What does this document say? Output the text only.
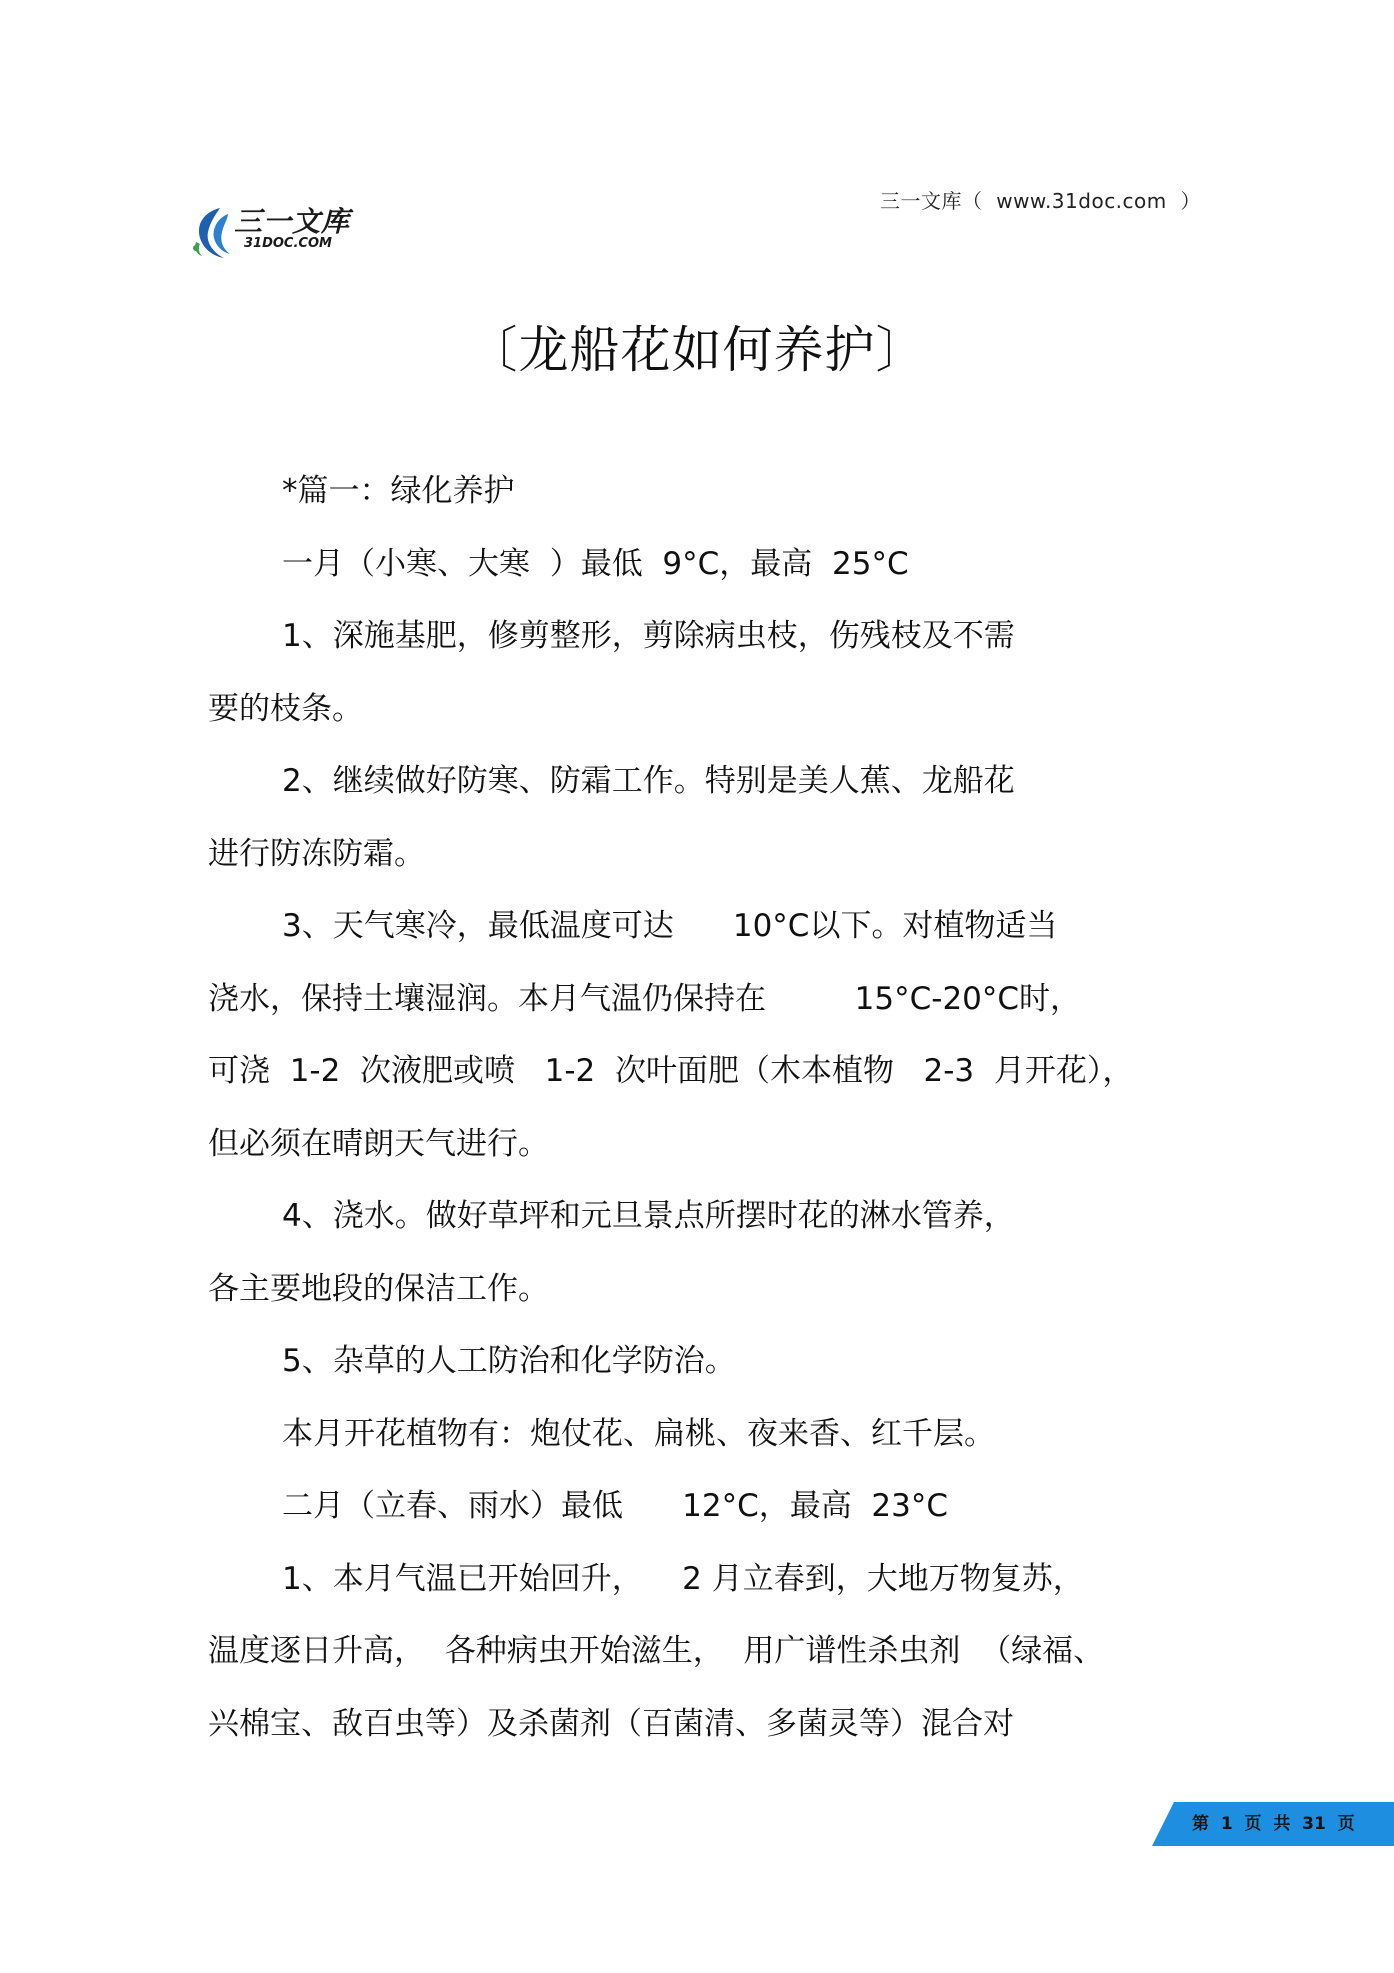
三一文库（  www.31doc.com  ）
三一文库
31DOC.COM
〔龙船花如何养护〕
*篇一：绿化养护
一月（小寒、大寒  ）最低  9°C，最高  25°C
1、深施基肥，修剪整形，剪除病虫枝，伤残枝及不需
要的枝条。
2、继续做好防寒、防霜工作。特别是美人蕉、龙船花
进行防冻防霜。
3、天气寒冷，最低温度可达      10°C以下。对植物适当
浇水，保持土壤湿润。本月气温仍保持在         15°C-20°C时，
可浇  1-2  次液肥或喷   1-2  次叶面肥（木本植物   2-3  月开花），
但必须在晴朗天气进行。
4、浇水。做好草坪和元旦景点所摆时花的淋水管养，
各主要地段的保洁工作。
5、杂草的人工防治和化学防治。
本月开花植物有：炮仗花、扁桃、夜来香、红千层。
二月（立春、雨水）最低      12°C，最高  23°C
1、本月气温已开始回升，    2 月立春到，大地万物复苏，
温度逐日升高，  各种病虫开始滋生，  用广谱性杀虫剂  （绿福、
兴棉宝、敌百虫等）及杀菌剂（百菌清、多菌灵等）混合对
第  1  页  共  31  页
